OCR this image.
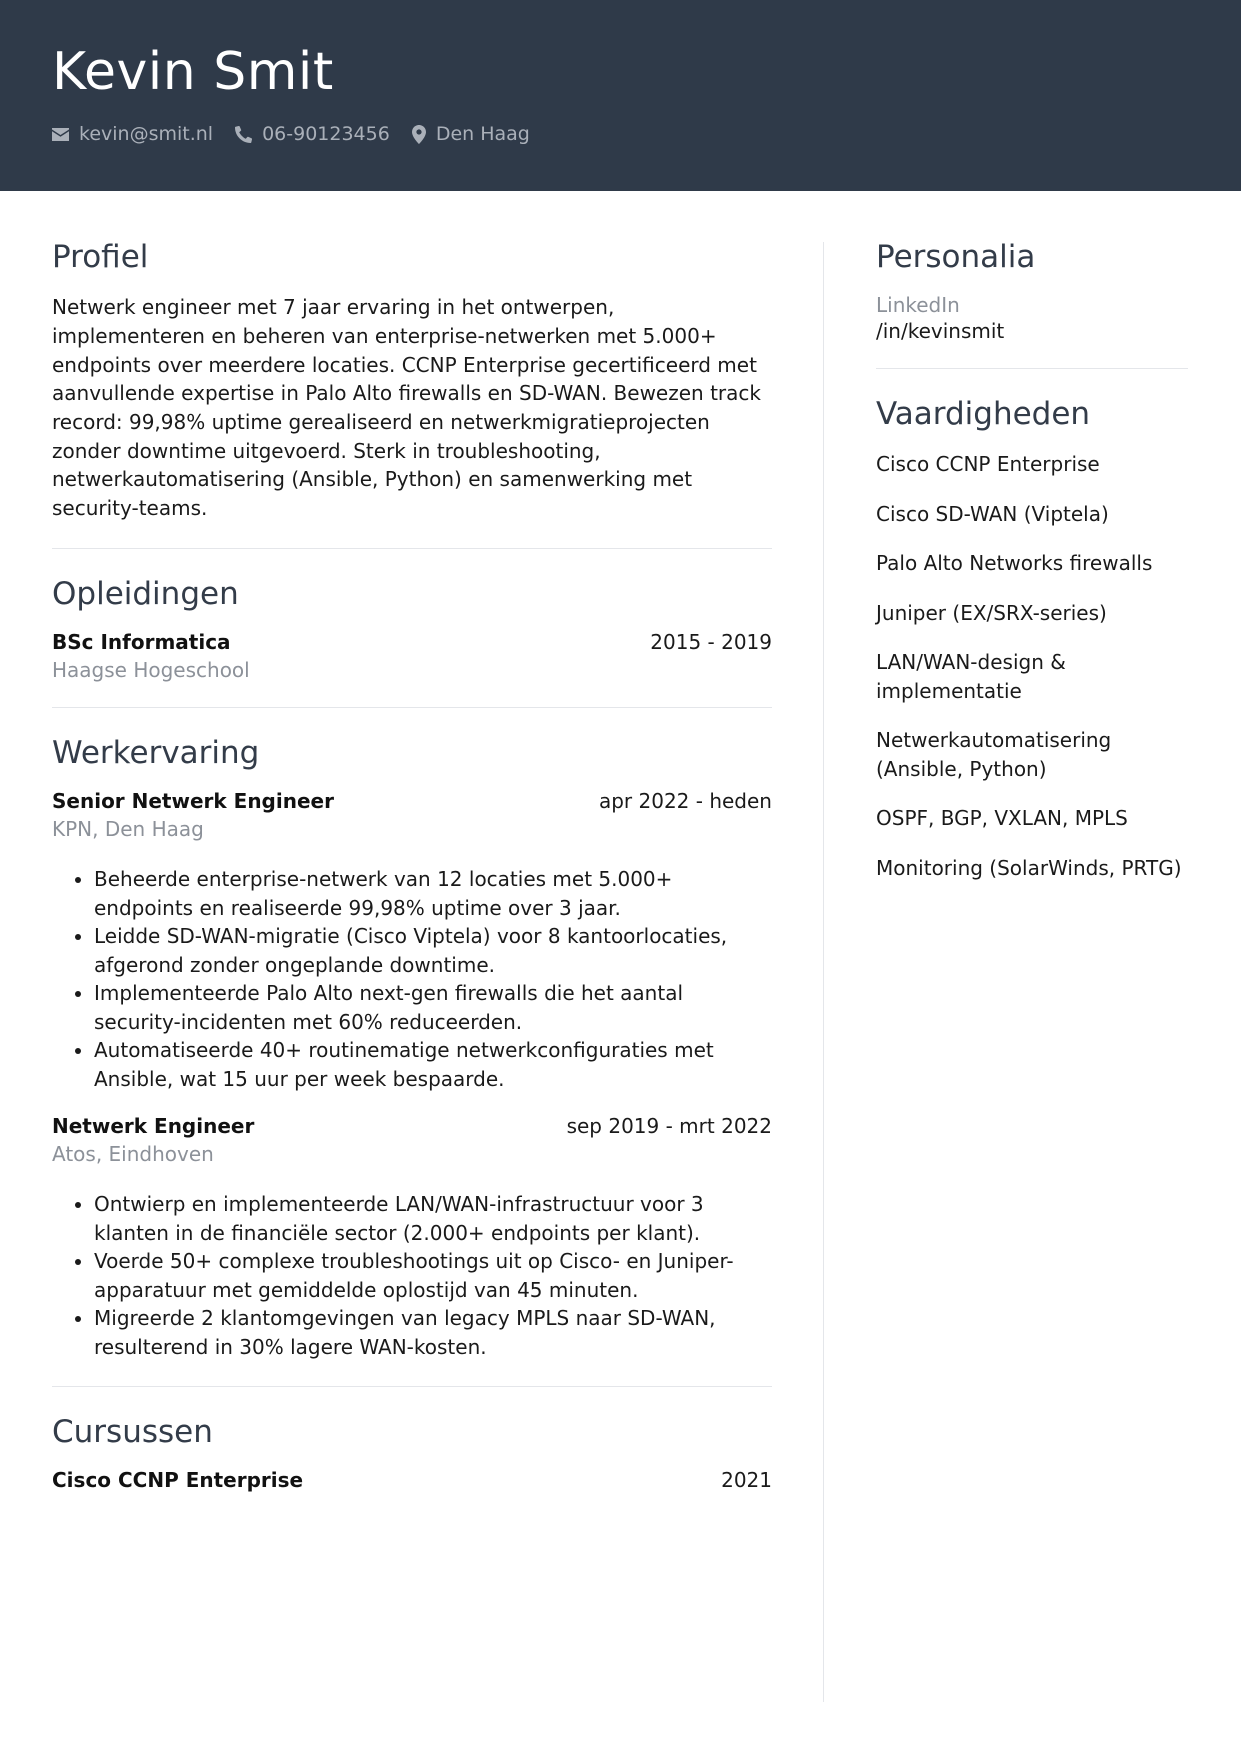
Kevin Smit
kevin@smit.nl	06-90123456 Den Haag
Profiel

Netwerk engineer met 7 jaar ervaring in het ontwerpen, implementeren en beheren van enterprise-netwerken met 5.000+ endpoints over meerdere locaties. CCNP Enterprise gecertificeerd met aanvullende expertise in Palo Alto firewalls en SD-WAN. Bewezen track record: 99,98% uptime gerealiseerd en netwerkmigratieprojecten zonder downtime uitgevoerd. Sterk in troubleshooting, netwerkautomatisering (Ansible, Python) en samenwerking met security-teams.

Opleidingen
BSc Informatica	2015 - 2019
Haagse Hogeschool
Werkervaring
Senior Netwerk Engineer	apr 2022 - heden
KPN, Den Haag
• Beheerde enterprise-netwerk van 12 locaties met 5.000+ endpoints en realiseerde 99,98% uptime over 3 jaar.
• Leidde SD-WAN-migratie (Cisco Viptela) voor 8 kantoorlocaties, afgerond zonder ongeplande downtime.
• Implementeerde Palo Alto next-gen firewalls die het aantal security-incidenten met 60% reduceerden.
• Automatiseerde 40+ routinematige netwerkconfiguraties met Ansible, wat 15 uur per week bespaarde.
Netwerk Engineer	sep 2019 - mrt 2022
Atos, Eindhoven
• Ontwierp en implementeerde LAN/WAN-infrastructuur voor 3 klanten in de financiële sector (2.000+ endpoints per klant).
• Voerde 50+ complexe troubleshootings uit op Cisco- en Juniper-apparatuur met gemiddelde oplostijd van 45 minuten.
• Migreerde 2 klantomgevingen van legacy MPLS naar SD-WAN, resulterend in 30% lagere WAN-kosten.
Cursussen
Cisco CCNP Enterprise	2021
Personalia
LinkedIn
/in/kevinsmit
Vaardigheden
Cisco CCNP Enterprise
Cisco SD-WAN (Viptela)
Palo Alto Networks firewalls
Juniper (EX/SRX-series)
LAN/WAN-design & implementatie
Netwerkautomatisering (Ansible, Python)
OSPF, BGP, VXLAN, MPLS
Monitoring (SolarWinds, PRTG)
